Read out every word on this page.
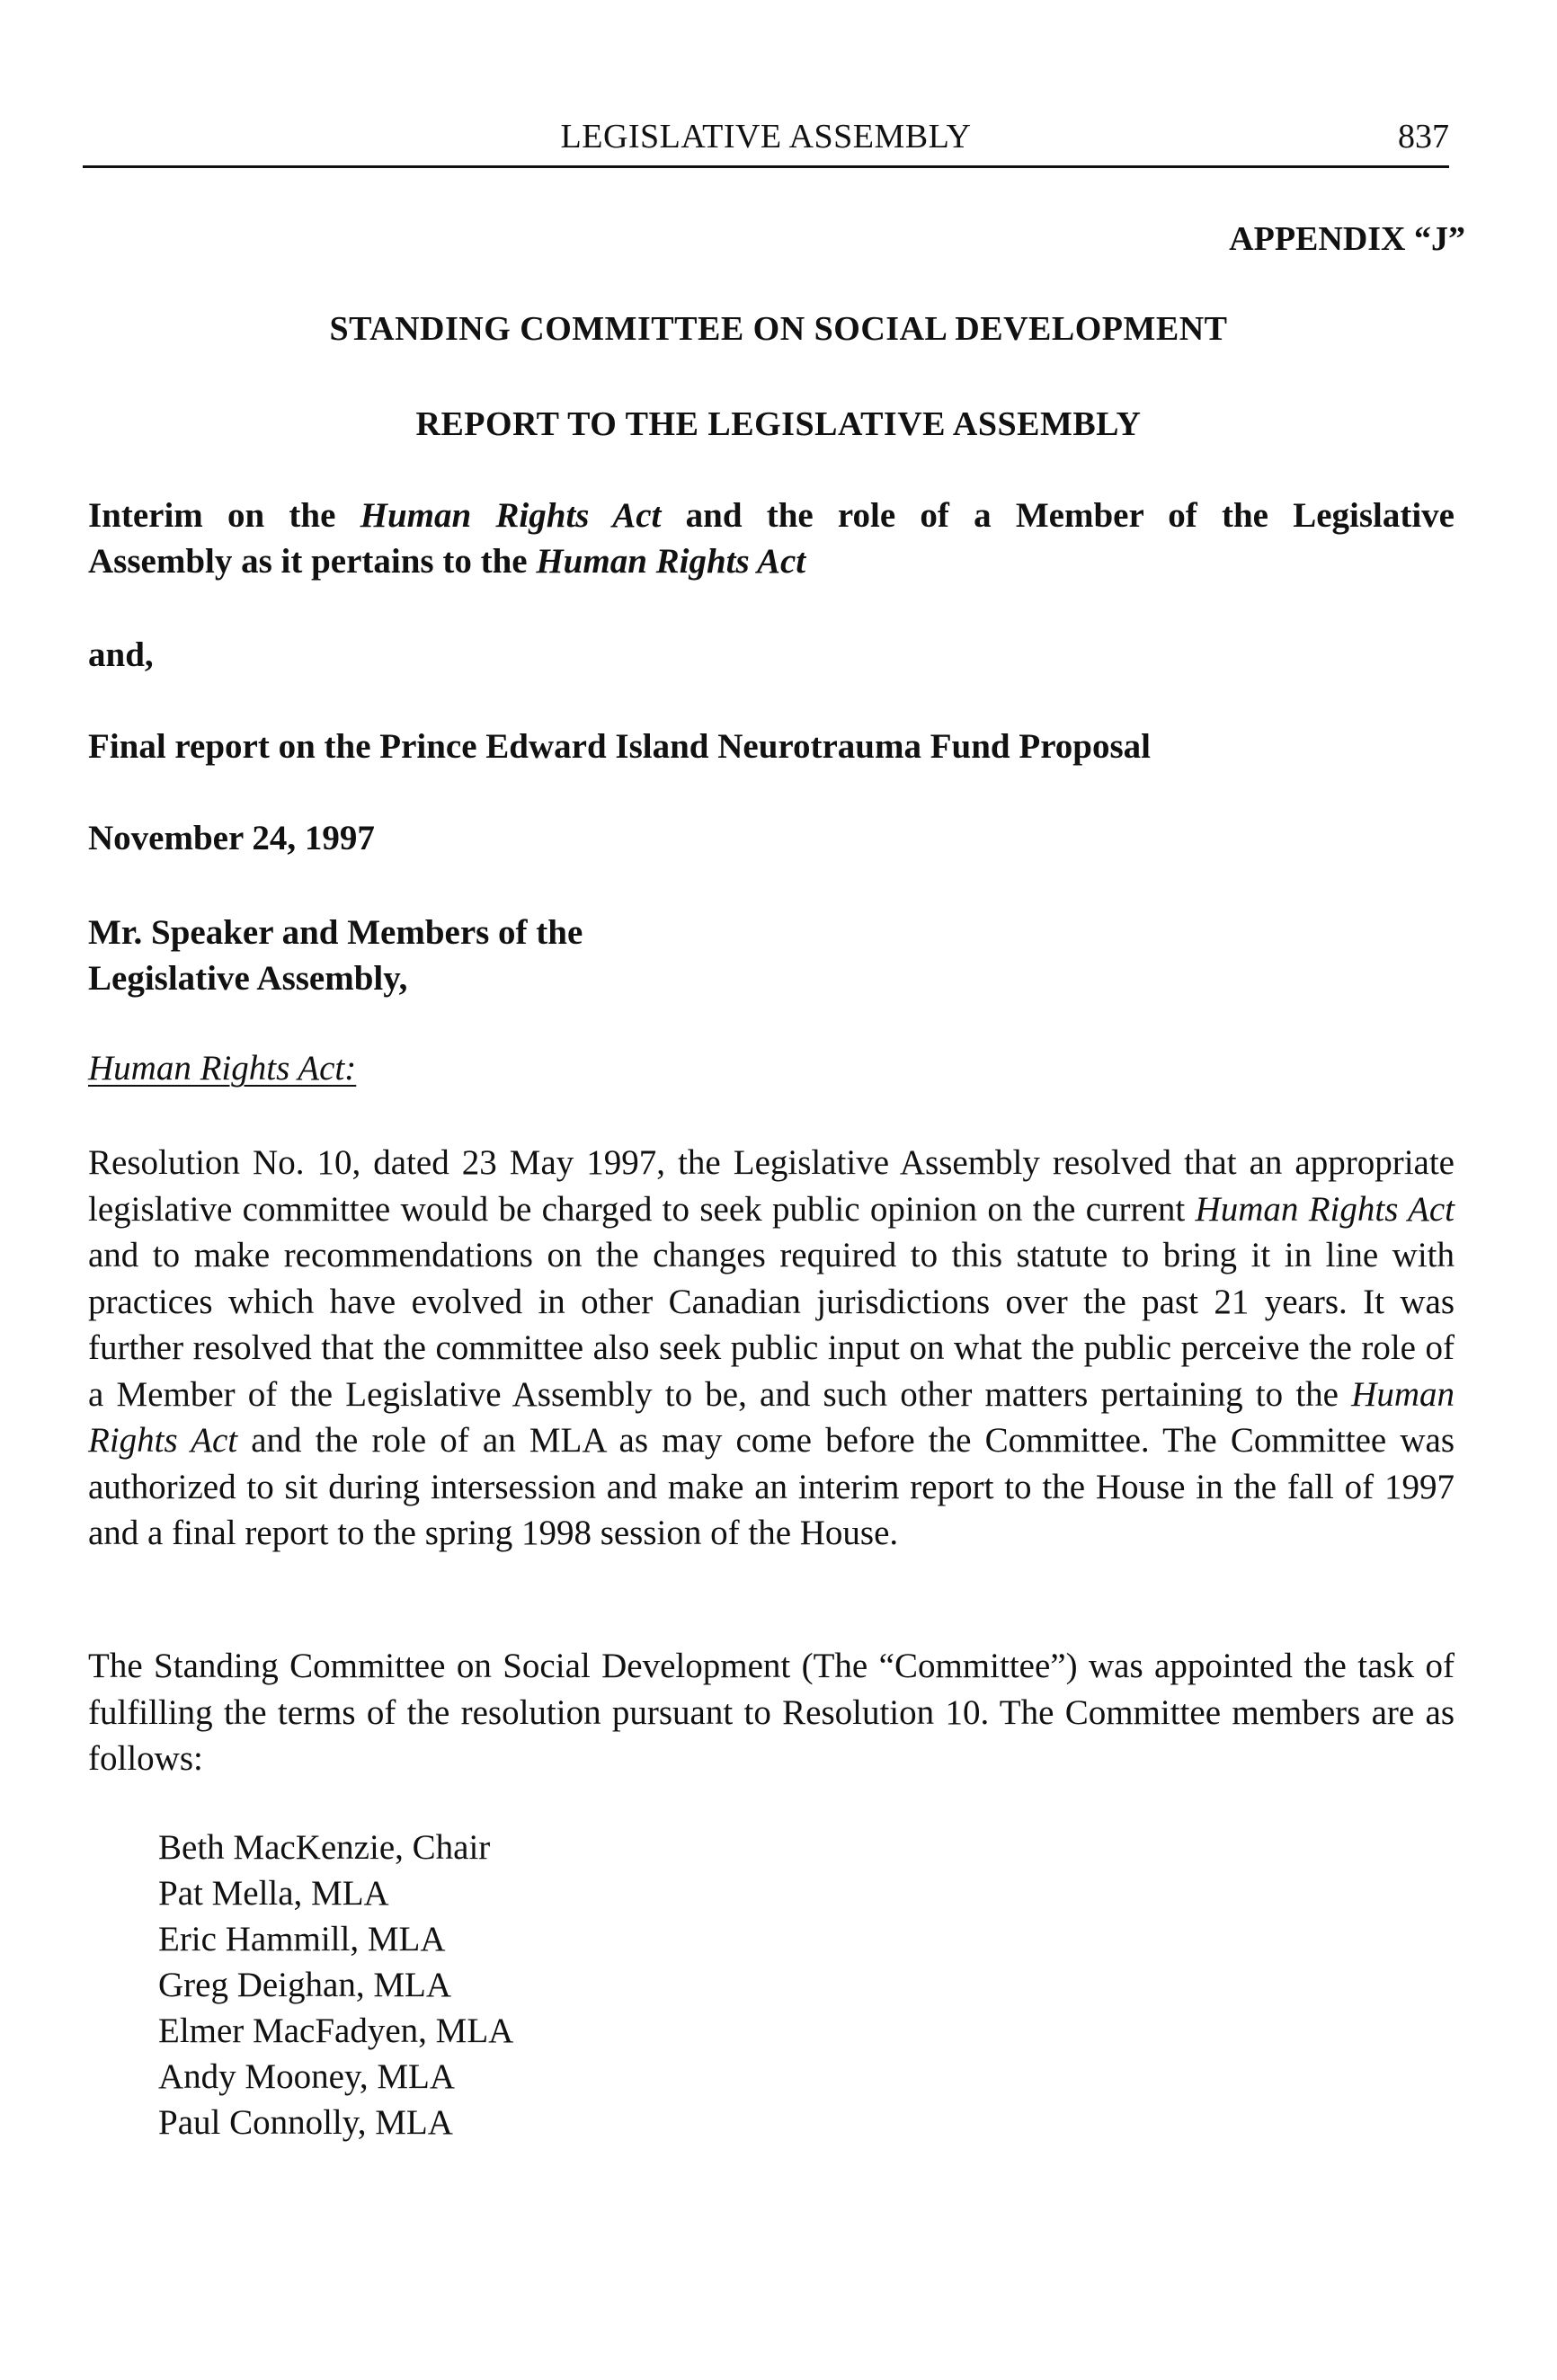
LEGISLATIVE ASSEMBLY	837
APPENDIX “J”
STANDING COMMITTEE ON SOCIAL DEVELOPMENT
REPORT TO THE LEGISLATIVE ASSEMBLY
Interim on the Human Rights Act and the role of a Member of the Legislative
Assembly as it pertains to the Human Rights Act
and,
Final report on the Prince Edward Island Neurotrauma Fund Proposal
November 24, 1997
Mr. Speaker and Members of the
Legislative Assembly,
Human Rights Act:
Resolution No. 10, dated 23 May 1997, the Legislative Assembly resolved that an appropriate legislative committee would be charged to seek public opinion on the current Human Rights Act and to make recommendations on the changes required to this statute to bring it in line with practices which have evolved in other Canadian jurisdictions over the past 21 years. It was further resolved that the committee also seek public input on what the public perceive the role of a Member of the Legislative Assembly to be, and such other matters pertaining to the Human Rights Act and the role of an MLA as may come before the Committee. The Committee was authorized to sit during intersession and make an interim report to the House in the fall of 1997 and a final report to the spring 1998 session of the House.
The Standing Committee on Social Development (The “Committee”) was appointed the task of fulfilling the terms of the resolution pursuant to Resolution 10. The Committee members are as follows:
Beth MacKenzie, Chair
Pat Mella, MLA
Eric Hammill, MLA
Greg Deighan, MLA
Elmer MacFadyen, MLA
Andy Mooney, MLA
Paul Connolly, MLA
